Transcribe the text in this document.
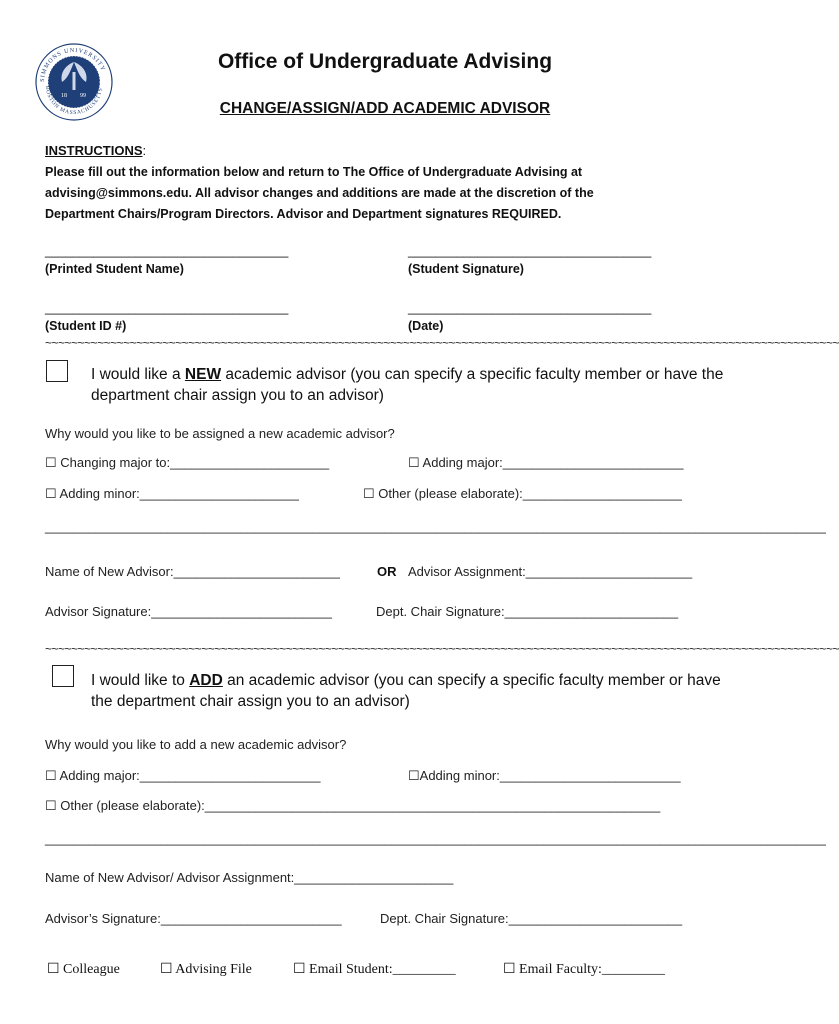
SIMMONS UNIVERSITY
BOSTON MASSACHUSETTS
18 99
Office of Undergraduate Advising
CHANGE/ASSIGN/ADD ACADEMIC ADVISOR
INSTRUCTIONS:
Please fill out the information below and return to The Office of Undergraduate Advising at
advising@simmons.edu. All advisor changes and additions are made at the discretion of the
Department Chairs/Program Directors. Advisor and Department signatures REQUIRED.
___________________________________	___________________________________
(Printed Student Name)	(Student Signature)
___________________________________	___________________________________
(Student ID #)	(Date)
~~~~~~~~~~~~~~~~~~~~~~~~~~~~~~~~~~~~~~~~~~~~~~~~~~~~~~~~~~~~~~~~~~~~~~~~~~~~~~~~~~~~~~~~~~~~~~~~~~~~~~~~~~~~~~~~~~~~~~~~~~
I would like a NEW academic advisor (you can specify a specific faculty member or have the department chair assign you to an advisor)
Why would you like to be assigned a new academic advisor?
☐ Changing major to:______________________	☐ Adding major:_________________________
☐ Adding minor:______________________	☐ Other (please elaborate):______________________
____________________________________________________________________________________________________________
Name of New Advisor:_______________________	OR Advisor Assignment:_______________________
Advisor Signature:_________________________	Dept. Chair Signature:________________________
~~~~~~~~~~~~~~~~~~~~~~~~~~~~~~~~~~~~~~~~~~~~~~~~~~~~~~~~~~~~~~~~~~~~~~~~~~~~~~~~~~~~~~~~~~~~~~~~~~~~~~~~~~~~~~~~~~~~~~~~~~
I would like to ADD an academic advisor (you can specify a specific faculty member or have the department chair assign you to an advisor)
Why would you like to add a new academic advisor?
☐ Adding major:_________________________	☐Adding minor:_________________________
☐ Other (please elaborate):_______________________________________________________________
____________________________________________________________________________________________________________
Name of New Advisor/ Advisor Assignment:______________________
Advisor’s Signature:_________________________	Dept. Chair Signature:________________________
☐ Colleague	☐ Advising File	☐ Email Student:_________	☐ Email Faculty:_________
